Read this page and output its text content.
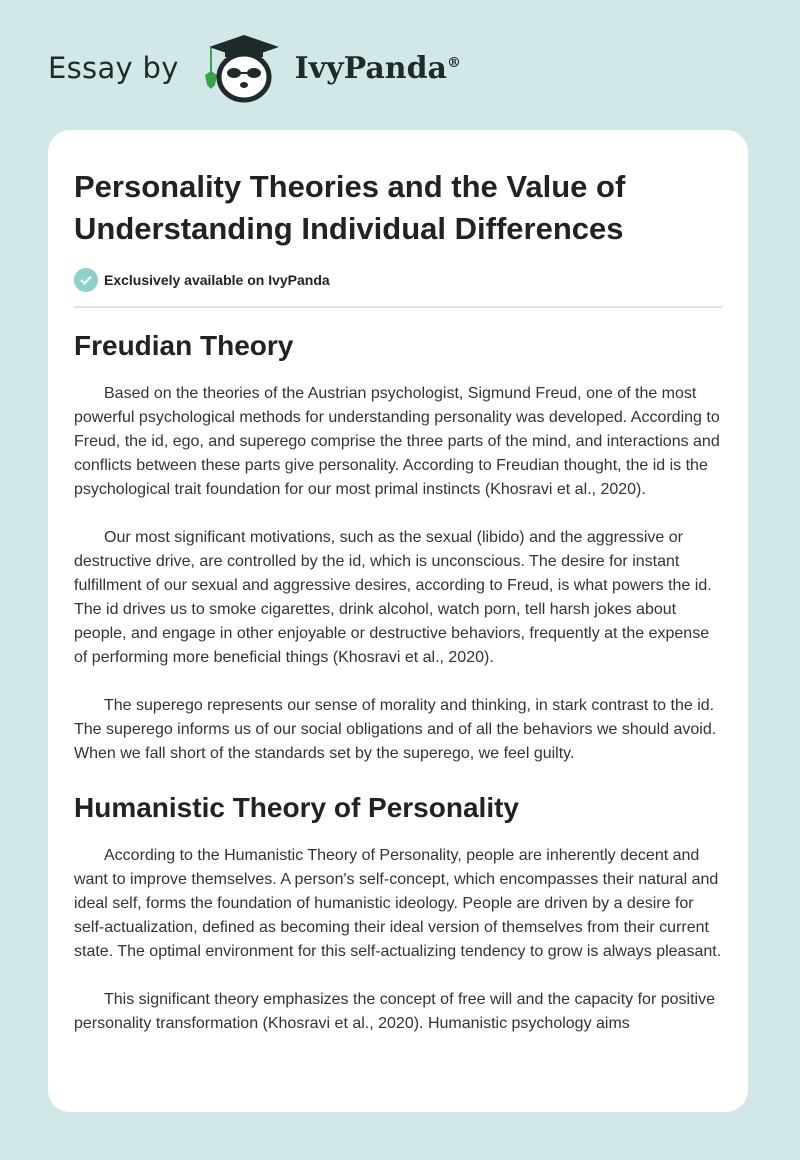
Essay by	IvyPanda®
Personality Theories and the Value of Understanding Individual Differences
Exclusively available on IvyPanda
Freudian Theory

Based on the theories of the Austrian psychologist, Sigmund Freud, one of the most powerful psychological methods for understanding personality was developed. According to Freud, the id, ego, and superego comprise the three parts of the mind, and interactions and conflicts between these parts give personality. According to Freudian thought, the id is the psychological trait foundation for our most primal instincts (Khosravi et al., 2020).

Our most significant motivations, such as the sexual (libido) and the aggressive or destructive drive, are controlled by the id, which is unconscious. The desire for instant fulfillment of our sexual and aggressive desires, according to Freud, is what powers the id. The id drives us to smoke cigarettes, drink alcohol, watch porn, tell harsh jokes about people, and engage in other enjoyable or destructive behaviors, frequently at the expense of performing more beneficial things (Khosravi et al., 2020).

The superego represents our sense of morality and thinking, in stark contrast to the id. The superego informs us of our social obligations and of all the behaviors we should avoid. When we fall short of the standards set by the superego, we feel guilty.

Humanistic Theory of Personality

According to the Humanistic Theory of Personality, people are inherently decent and want to improve themselves. A person's self-concept, which encompasses their natural and ideal self, forms the foundation of humanistic ideology. People are driven by a desire for self-actualization, defined as becoming their ideal version of themselves from their current state. The optimal environment for this self-actualizing tendency to grow is always pleasant.

This significant theory emphasizes the concept of free will and the capacity for positive personality transformation (Khosravi et al., 2020). Humanistic psychology aims
